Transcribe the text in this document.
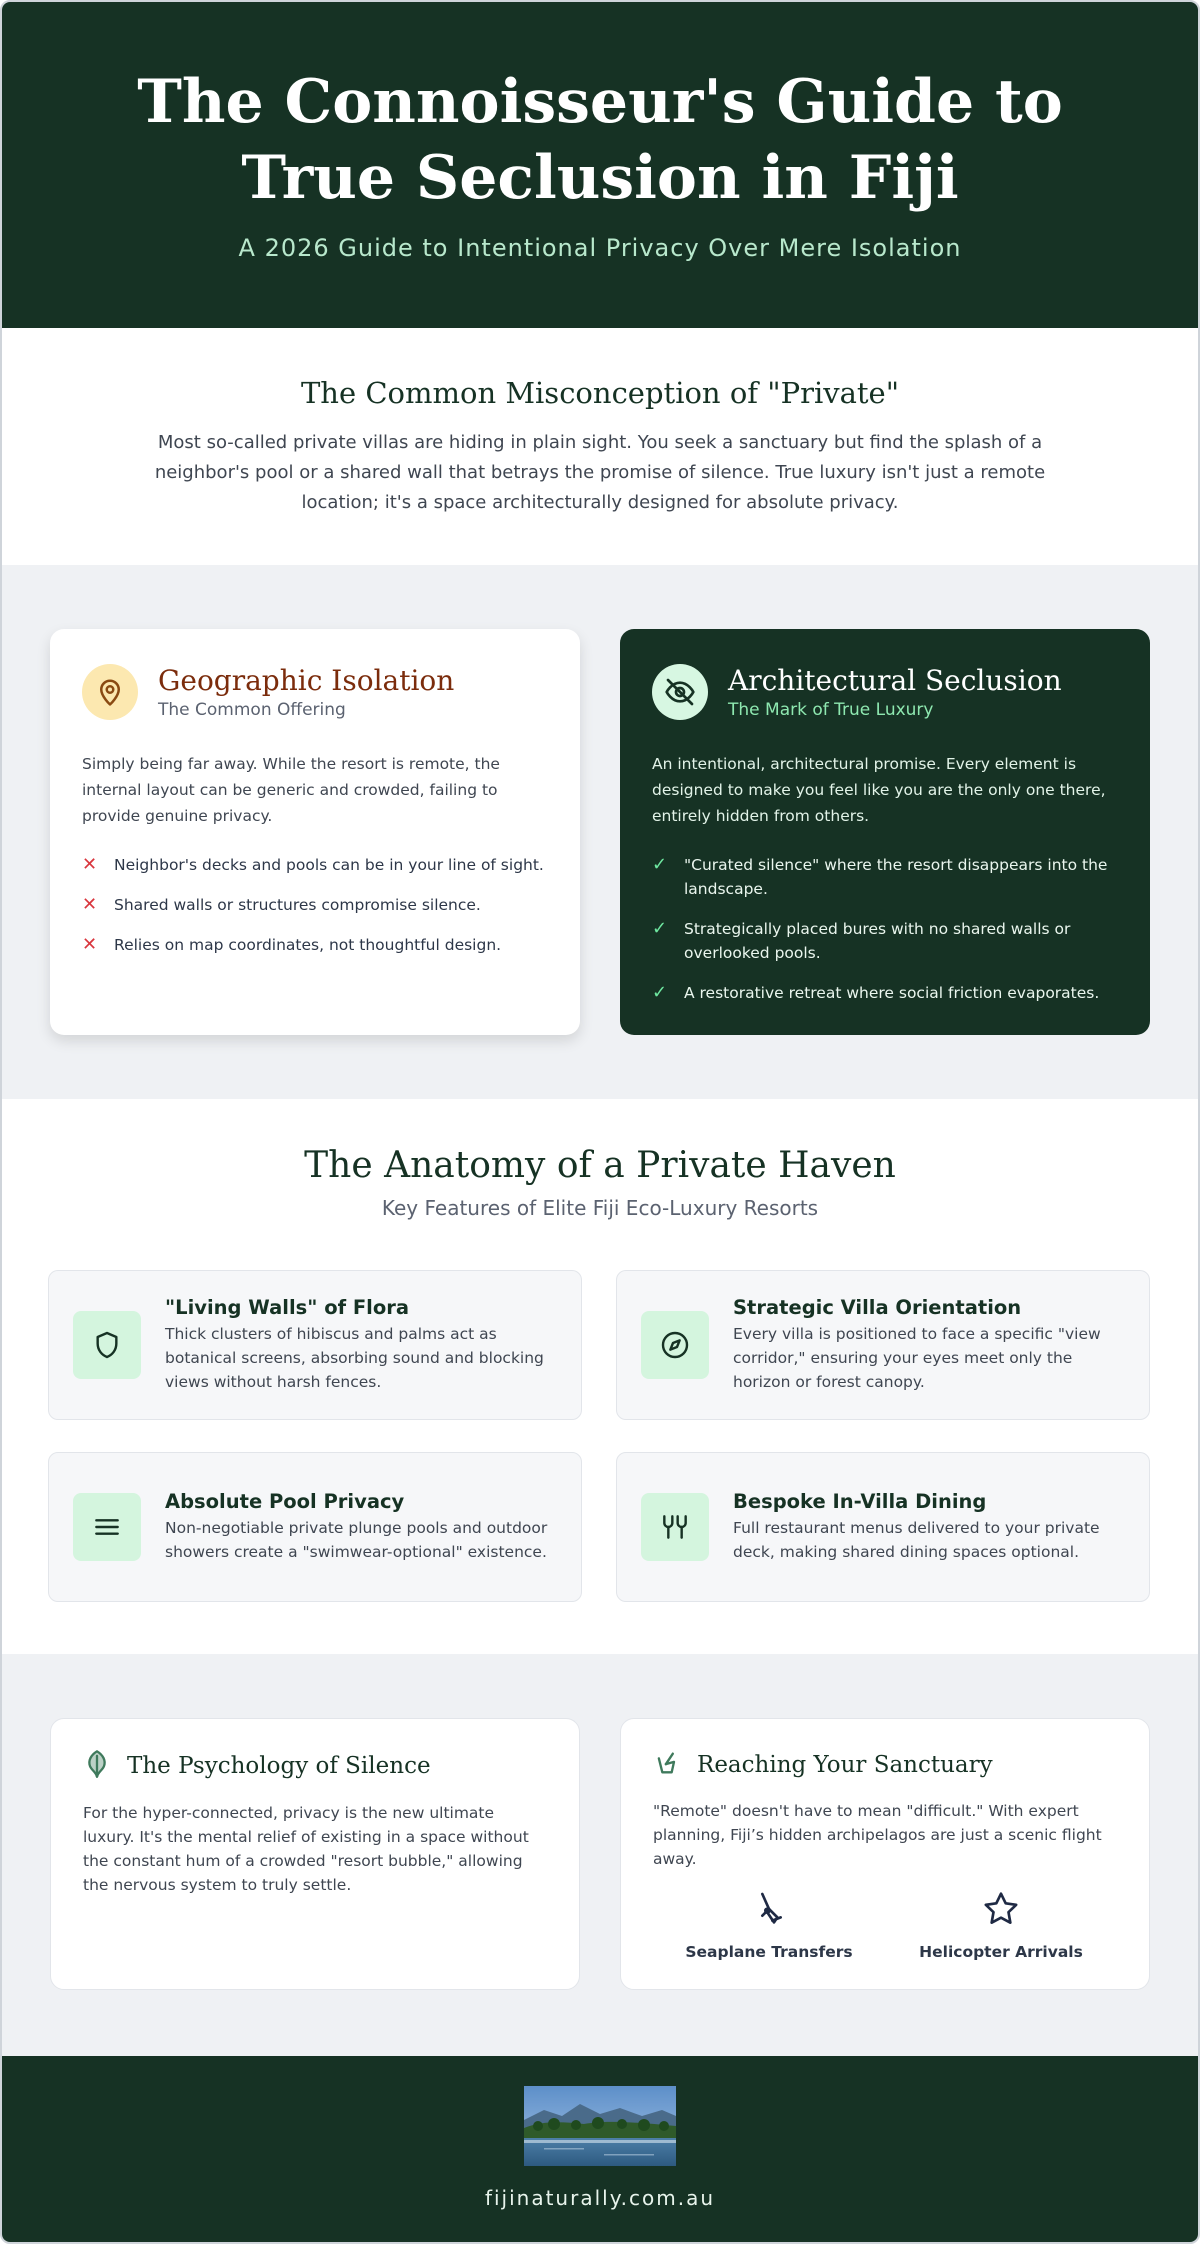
The Connoisseur's Guide to True Seclusion in Fiji
A 2026 Guide to Intentional Privacy Over Mere Isolation
The Common Misconception of "Private"

Most so-called private villas are hiding in plain sight. You seek a sanctuary but find the splash of a neighbor's pool or a shared wall that betrays the promise of silence. True luxury isn't just a remote location; it's a space architecturally designed for absolute privacy.

Geographic Isolation
The Common Offering

Simply being far away. While the resort is remote, the internal layout can be generic and crowded, failing to provide genuine privacy.

✕	Neighbor's decks and pools can be in your line of sight.
✕	Shared walls or structures compromise silence.
✕	Relies on map coordinates, not thoughtful design.
Architectural Seclusion
The Mark of True Luxury

An intentional, architectural promise. Every element is designed to make you feel like you are the only one there, entirely hidden from others.

✓	"Curated silence" where the resort disappears into the landscape.
✓	Strategically placed bures with no shared walls or overlooked pools.
✓	A restorative retreat where social friction evaporates.
The Anatomy of a Private Haven
Key Features of Elite Fiji Eco-Luxury Resorts
"Living Walls" of Flora
Thick clusters of hibiscus and palms act as botanical screens, absorbing sound and blocking views without harsh fences.
Strategic Villa Orientation
Every villa is positioned to face a specific "view corridor," ensuring your eyes meet only the horizon or forest canopy.
Absolute Pool Privacy
Non-negotiable private plunge pools and outdoor showers create a "swimwear-optional" existence.
Bespoke In-Villa Dining
Full restaurant menus delivered to your private deck, making shared dining spaces optional.
The Psychology of Silence

For the hyper-connected, privacy is the new ultimate luxury. It's the mental relief of existing in a space without the constant hum of a crowded "resort bubble," allowing the nervous system to truly settle.

Reaching Your Sanctuary

"Remote" doesn't have to mean "difficult." With expert planning, Fiji’s hidden archipelagos are just a scenic flight away.

Seaplane Transfers	Helicopter Arrivals
fijinaturally.com.au
